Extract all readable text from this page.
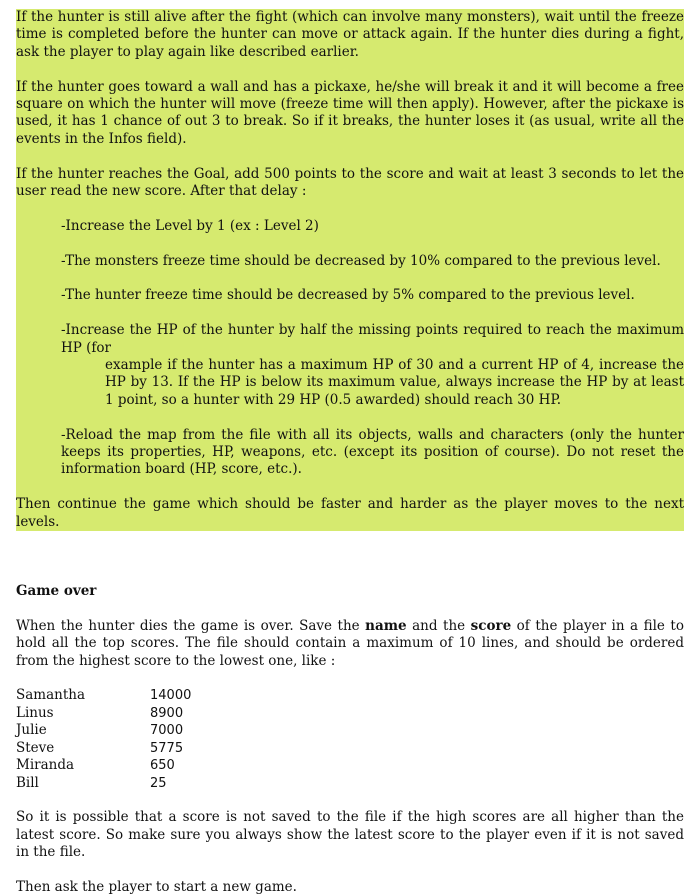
If the hunter is still alive after the fight (which can involve many monsters), wait until the freeze time is completed before the hunter can move or attack again. If the hunter dies during a fight, ask the player to play again like described earlier.

If the hunter goes toward a wall and has a pickaxe, he/she will break it and it will become a free square on which the hunter will move (freeze time will then apply). However, after the pickaxe is used, it has 1 chance of out 3 to break. So if it breaks, the hunter loses it (as usual, write all the events in the Infos field).

If the hunter reaches the Goal, add 500 points to the score and wait at least 3 seconds to let the user read the new score. After that delay :

-Increase the Level by 1 (ex : Level 2)

-The monsters freeze time should be decreased by 10% compared to the previous level.

-The hunter freeze time should be decreased by 5% compared to the previous level.

-Increase the HP of the hunter by half the missing points required to reach the maximum HP (for

example if the hunter has a maximum HP of 30 and a current HP of 4, increase the HP by 13. If the HP is below its maximum value, always increase the HP by at least 1 point, so a hunter with 29 HP (0.5 awarded) should reach 30 HP.

-Reload the map from the file with all its objects, walls and characters (only the hunter keeps its properties, HP, weapons, etc. (except its position of course). Do not reset the information board (HP, score, etc.).

Then continue the game which should be faster and harder as the player moves to the next levels.

Game over

When the hunter dies the game is over. Save the name and the score of the player in a file to hold all the top scores. The file should contain a maximum of 10 lines, and should be ordered from the highest score to the lowest one, like :

Samantha	14000
Linus	8900
Julie	7000
Steve	5775
Miranda	650
Bill	25

So it is possible that a score is not saved to the file if the high scores are all higher than the latest score. So make sure you always show the latest score to the player even if it is not saved in the file.

Then ask the player to start a new game.
